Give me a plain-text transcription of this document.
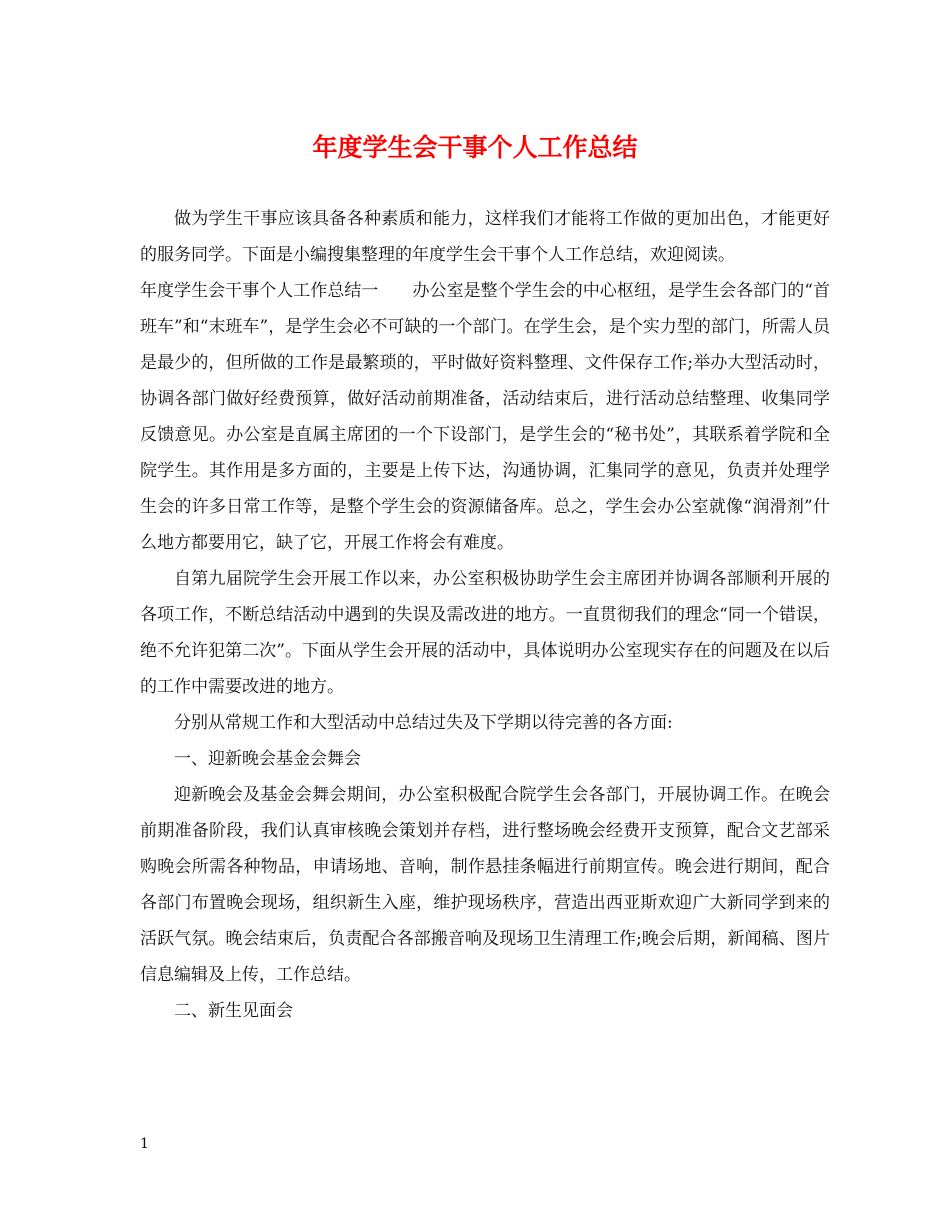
年度学生会干事个人工作总结

做为学生干事应该具备各种素质和能力，这样我们才能将工作做的更加出色，才能更好的服务同学。下面是小编搜集整理的年度学生会干事个人工作总结，欢迎阅读。

年度学生会干事个人工作总结一　　办公室是整个学生会的中心枢纽，是学生会各部门的“首班车”和“末班车”，是学生会必不可缺的一个部门。在学生会，是个实力型的部门，所需人员是最少的，但所做的工作是最繁琐的，平时做好资料整理、文件保存工作;举办大型活动时，协调各部门做好经费预算，做好活动前期准备，活动结束后，进行活动总结整理、收集同学反馈意见。办公室是直属主席团的一个下设部门，是学生会的“秘书处”，其联系着学院和全院学生。其作用是多方面的，主要是上传下达，沟通协调，汇集同学的意见，负责并处理学生会的许多日常工作等，是整个学生会的资源储备库。总之，学生会办公室就像“润滑剂”什么地方都要用它，缺了它，开展工作将会有难度。

自第九届院学生会开展工作以来，办公室积极协助学生会主席团并协调各部顺利开展的各项工作，不断总结活动中遇到的失误及需改进的地方。一直贯彻我们的理念“同一个错误，绝不允许犯第二次”。下面从学生会开展的活动中，具体说明办公室现实存在的问题及在以后的工作中需要改进的地方。

分别从常规工作和大型活动中总结过失及下学期以待完善的各方面:

一、迎新晚会基金会舞会

迎新晚会及基金会舞会期间，办公室积极配合院学生会各部门，开展协调工作。在晚会前期准备阶段，我们认真审核晚会策划并存档，进行整场晚会经费开支预算，配合文艺部采购晚会所需各种物品，申请场地、音响，制作悬挂条幅进行前期宣传。晚会进行期间，配合各部门布置晚会现场，组织新生入座，维护现场秩序，营造出西亚斯欢迎广大新同学到来的活跃气氛。晚会结束后，负责配合各部搬音响及现场卫生清理工作;晚会后期，新闻稿、图片信息编辑及上传，工作总结。

二、新生见面会

1
